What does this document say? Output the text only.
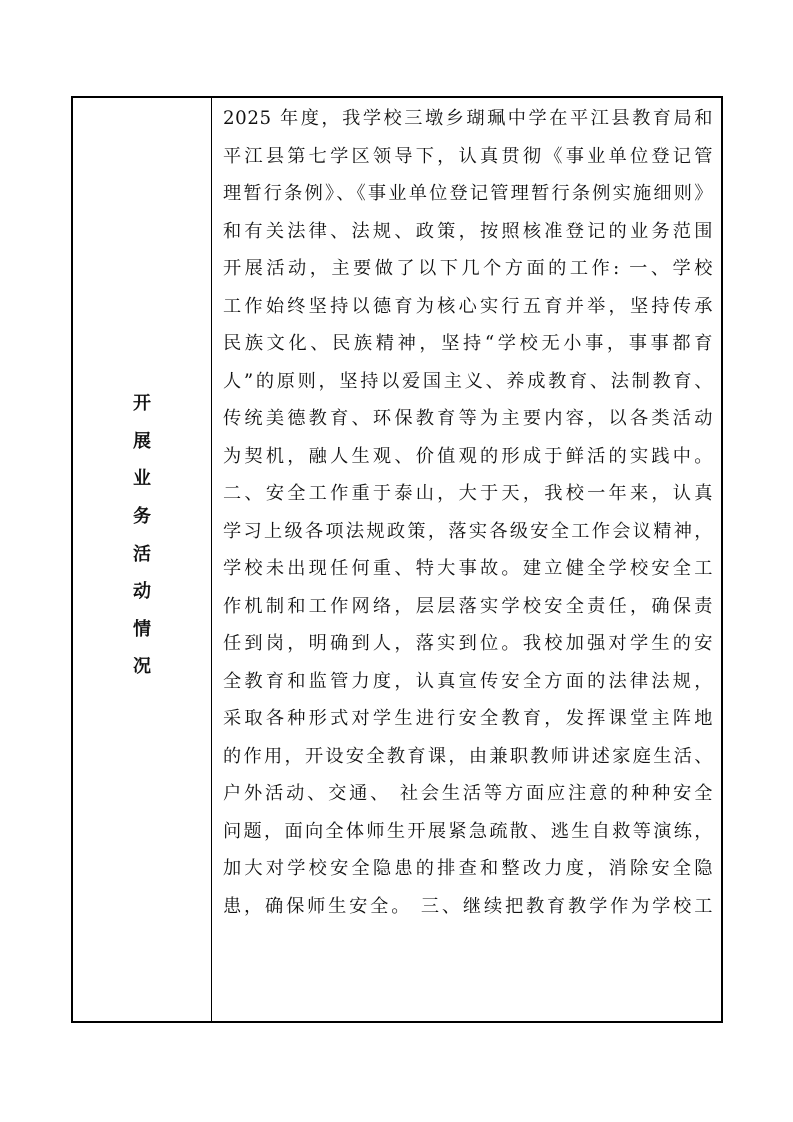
开
展
业
务
活
动
情
况
2025 年度，我学校三墩乡瑚珮中学在平江县教育局和
平江县第七学区领导下，认真贯彻《事业单位登记管
理暂行条例》、《事业单位登记管理暂行条例实施细则》
和有关法律、法规、政策，按照核准登记的业务范围
开展活动，主要做了以下几个方面的工作: 一、学校
工作始终坚持以德育为核心实行五育并举，坚持传承
民族文化、民族精神，坚持“学校无小事，事事都育
人”的原则，坚持以爱国主义、养成教育、法制教育、
传统美德教育、环保教育等为主要内容，以各类活动
为契机，融人生观、价值观的形成于鲜活的实践中。
二、安全工作重于泰山，大于天，我校一年来，认真
学习上级各项法规政策，落实各级安全工作会议精神，
学校未出现任何重、特大事故。建立健全学校安全工
作机制和工作网络，层层落实学校安全责任，确保责
任到岗，明确到人，落实到位。我校加强对学生的安
全教育和监管力度，认真宣传安全方面的法律法规，
采取各种形式对学生进行安全教育，发挥课堂主阵地
的作用，开设安全教育课，由兼职教师讲述家庭生活、
户外活动、交通、 社会生活等方面应注意的种种安全
问题，面向全体师生开展紧急疏散、逃生自救等演练，
加大对学校安全隐患的排查和整改力度，消除安全隐
患，确保师生安全。 三、继续把教育教学作为学校工
